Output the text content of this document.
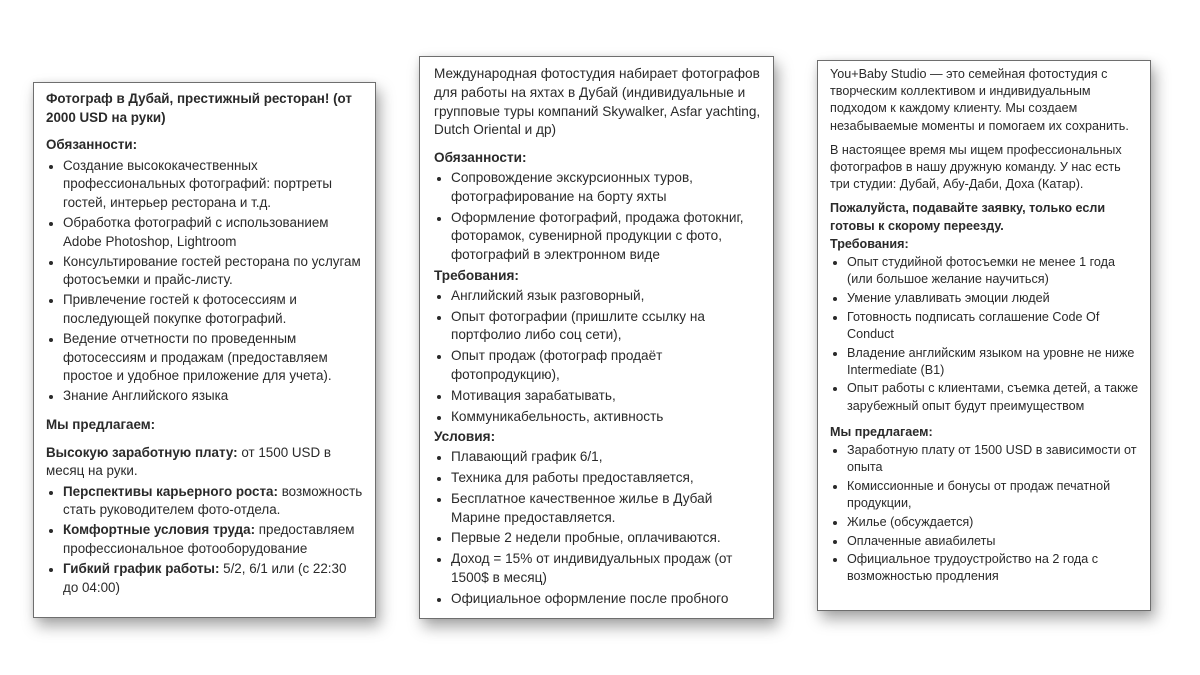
Фотограф в Дубай, престижный ресторан! (от 2000 USD на руки)

Обязанности:

Создание высококачественных профессиональных фотографий: портреты гостей, интерьер ресторана и т.д.
Обработка фотографий с использованием Adobe Photoshop, Lightroom
Консультирование гостей ресторана по услугам фотосъемки и прайс-листу.
Привлечение гостей к фотосессиям и последующей покупке фотографий.
Ведение отчетности по проведенным фотосессиям и продажам (предоставляем простое и удобное приложение для учета).
Знание Английского языка

Мы предлагаем:

Высокую заработную плату: от 1500 USD в месяц на руки.

Перспективы карьерного роста: возможность стать руководителем фото-отдела.
Комфортные условия труда: предоставляем профессиональное фотооборудование
Гибкий график работы: 5/2, 6/1 или (с 22:30 до 04:00)

Международная фотостудия набирает фотографов для работы на яхтах в Дубай (индивидуальные и групповые туры компаний Skywalker, Asfar yachting, Dutch Oriental и др)

Обязанности:

Сопровождение экскурсионных туров, фотографирование на борту яхты
Оформление фотографий, продажа фотокниг, фоторамок, сувенирной продукции с фото, фотографий в электронном виде

Требования:

Английский язык разговорный,
Опыт фотографии (пришлите ссылку на портфолио либо соц сети),
Опыт продаж (фотограф продаёт фотопродукцию),
Мотивация зарабатывать,
Коммуникабельность, активность

Условия:

Плавающий график 6/1,
Техника для работы предоставляется,
Бесплатное качественное жилье в Дубай Марине предоставляется.
Первые 2 недели пробные, оплачиваются.
Доход = 15% от индивидуальных продаж (от 1500$ в месяц)
Официальное оформление после пробного

You+Baby Studio — это семейная фотостудия с творческим коллективом и индивидуальным подходом к каждому клиенту. Мы создаем незабываемые моменты и помогаем их сохранить.

В настоящее время мы ищем профессиональных фотографов в нашу дружную команду. У нас есть три студии: Дубай, Абу-Даби, Доха (Катар).

Пожалуйста, подавайте заявку, только если готовы к скорому переезду.

Требования:

Опыт студийной фотосъемки не менее 1 года (или большое желание научиться)
Умение улавливать эмоции людей
Готовность подписать соглашение Code Of Conduct
Владение английским языком на уровне не ниже Intermediate (B1)
Опыт работы с клиентами, съемка детей, а также зарубежный опыт будут преимуществом

Мы предлагаем:

Заработную плату от 1500 USD в зависимости от опыта
Комиссионные и бонусы от продаж печатной продукции,
Жилье (обсуждается)
Оплаченные авиабилеты
Официальное трудоустройство на 2 года с возможностью продления
